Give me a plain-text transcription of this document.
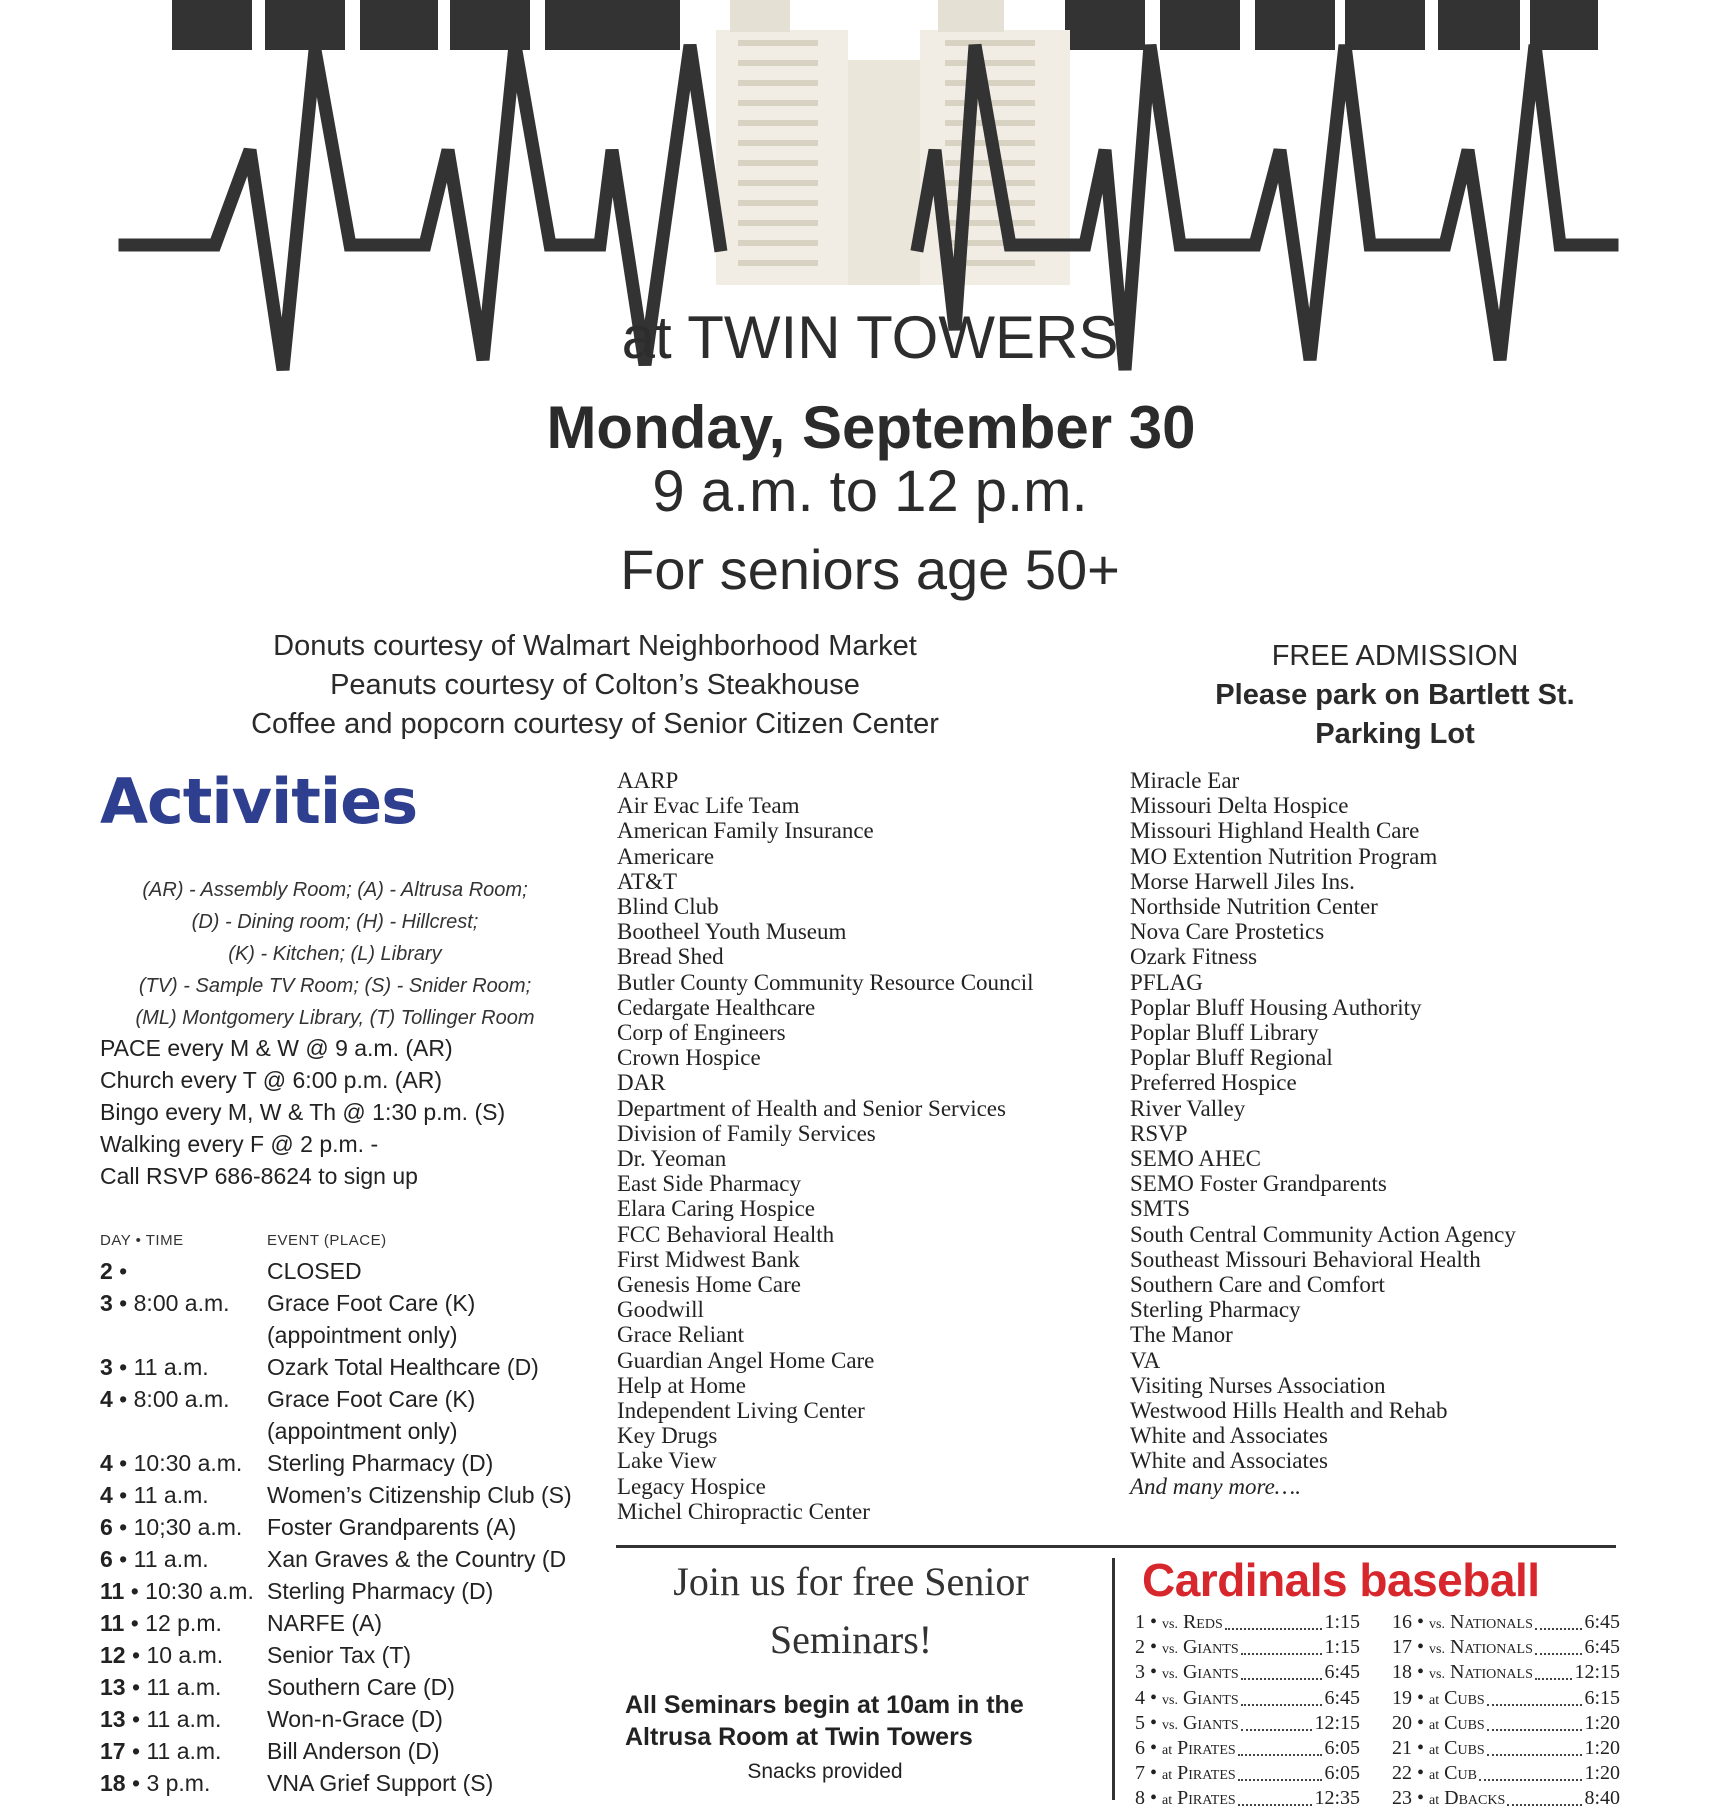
at TWIN TOWERS
Monday, September 30
9 a.m. to 12 p.m.
For seniors age 50+
Donuts courtesy of Walmart Neighborhood Market
Peanuts courtesy of Colton’s Steakhouse
Coffee and popcorn courtesy of Senior Citizen Center
FREE ADMISSION
Please park on Bartlett St.
Parking Lot
Activities
(AR) - Assembly Room; (A) - Altrusa Room;
(D) - Dining room; (H) - Hillcrest;
(K) - Kitchen; (L) Library
(TV) - Sample TV Room; (S) - Snider Room;
(ML) Montgomery Library, (T) Tollinger Room
PACE every M & W @ 9 a.m. (AR)
Church every T @ 6:00 p.m. (AR)
Bingo every M, W & Th @ 1:30 p.m. (S)
Walking every F @ 2 p.m. -
Call RSVP 686-8624 to sign up
DAY • TIME	EVENT (PLACE)
2 •	CLOSED
3 • 8:00 a.m. Grace Foot Care (K)
(appointment only)
3 • 11 a.m.	Ozark Total Healthcare (D)
4 • 8:00 a.m. Grace Foot Care (K)
(appointment only)
4 • 10:30 a.m. Sterling Pharmacy (D)
4 • 11 a.m.	Women’s Citizenship Club (S)
6 • 10;30 a.m. Foster Grandparents (A)
6 • 11 a.m.	Xan Graves & the Country (D
11 • 10:30 a.m. Sterling Pharmacy (D)
11 • 12 p.m. NARFE (A)
12 • 10 a.m. Senior Tax (T)
13 • 11 a.m. Southern Care (D)
13 • 11 a.m. Won-n-Grace (D)
17 • 11 a.m. Bill Anderson (D)
18 • 3 p.m. VNA Grief Support (S)
AARP
Air Evac Life Team
American Family Insurance
Americare
AT&T
Blind Club
Bootheel Youth Museum
Bread Shed
Butler County Community Resource Council
Cedargate Healthcare
Corp of Engineers
Crown Hospice
DAR
Department of Health and Senior Services
Division of Family Services
Dr. Yeoman
East Side Pharmacy
Elara Caring Hospice
FCC Behavioral Health
First Midwest Bank
Genesis Home Care
Goodwill
Grace Reliant
Guardian Angel Home Care
Help at Home
Independent Living Center
Key Drugs
Lake View
Legacy Hospice
Michel Chiropractic Center
Miracle Ear
Missouri Delta Hospice
Missouri Highland Health Care
MO Extention Nutrition Program
Morse Harwell Jiles Ins.
Northside Nutrition Center
Nova Care Prostetics
Ozark Fitness
PFLAG
Poplar Bluff Housing Authority
Poplar Bluff Library
Poplar Bluff Regional
Preferred Hospice
River Valley
RSVP
SEMO AHEC
SEMO Foster Grandparents
SMTS
South Central Community Action Agency
Southeast Missouri Behavioral Health
Southern Care and Comfort
Sterling Pharmacy
The Manor
VA
Visiting Nurses Association
Westwood Hills Health and Rehab
White and Associates
White and Associates
And many more….
Join us for free Senior
Seminars!
All Seminars begin at 10am in the
Altrusa Room at Twin Towers
Snacks provided
Cardinals baseball
1 • vs. Reds	1:15
2 • vs. Giants	1:15
3 • vs. Giants	6:45
4 • vs. Giants	6:45
5 • vs. Giants	12:15
6 • at Pirates	6:05
7 • at Pirates	6:05
8 • at Pirates	12:35
16 • vs. Nationals	6:45
17 • vs. Nationals	6:45
18 • vs. Nationals 12:15
19 • at Cubs	6:15
20 • at Cubs	1:20
21 • at Cubs	1:20
22 • at Cub	1:20
23 • at Dbacks	8:40
